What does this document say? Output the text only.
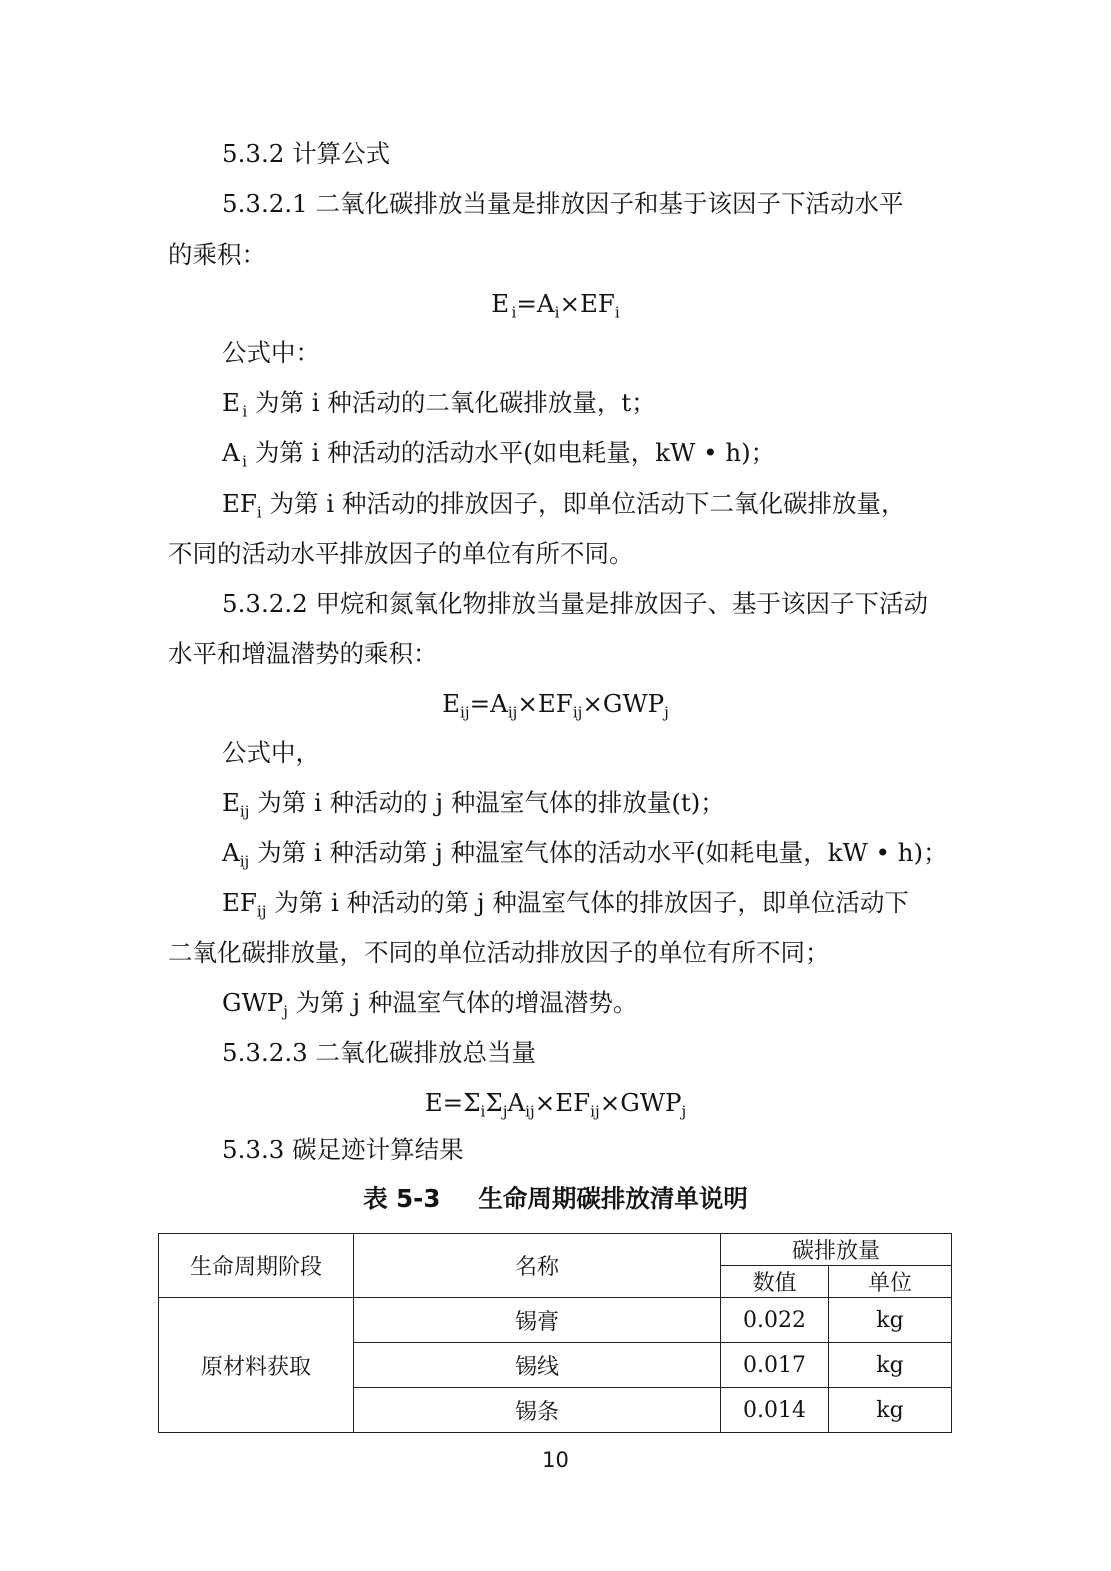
5.3.2 计算公式
5.3.2.1 二氧化碳排放当量是排放因子和基于该因子下活动水平
的乘积：
E  $_i=A_i\times EF_i$
公式中：
E  $_i$ 为第 i 种活动的二氧化碳排放量，t；
A  $_i$ 为第 i 种活动的活动水平(如电耗量，kW • h)；
$EF_i$ 为第 i 种活动的排放因子，即单位活动下二氧化碳排放量，
不同的活动水平排放因子的单位有所不同。
5.3.2.2 甲烷和氮氧化物排放当量是排放因子、基于该因子下活动
水平和增温潜势的乘积：
$E_{ij}=A_{ij}\times EF_{ij}\times GWP_j$
公式中，
$E_{ij}$ 为第 i 种活动的 j 种温室气体的排放量(t)；
$A_{ij}$ 为第 i 种活动第 j 种温室气体的活动水平(如耗电量，kW • h)；
$EF_{ij}$ 为第 i 种活动的第 j 种温室气体的排放因子，即单位活动下
二氧化碳排放量，不同的单位活动排放因子的单位有所不同；
$GWP_j$ 为第 j 种温室气体的增温潜势。
5.3.2.3 二氧化碳排放总当量
$E=\Sigma_i\Sigma_jA_{ij}\times EF_{ij}\times GWP_j$
5.3.3 碳足迹计算结果
表 5-3 生命周期碳排放清单说明
生命周期阶段	名称	碳排放量	
		数值	单位
原材料获取	锡膏	0.022	kg
	锡线	0.017	kg
	锡条	0.014	kg
10
